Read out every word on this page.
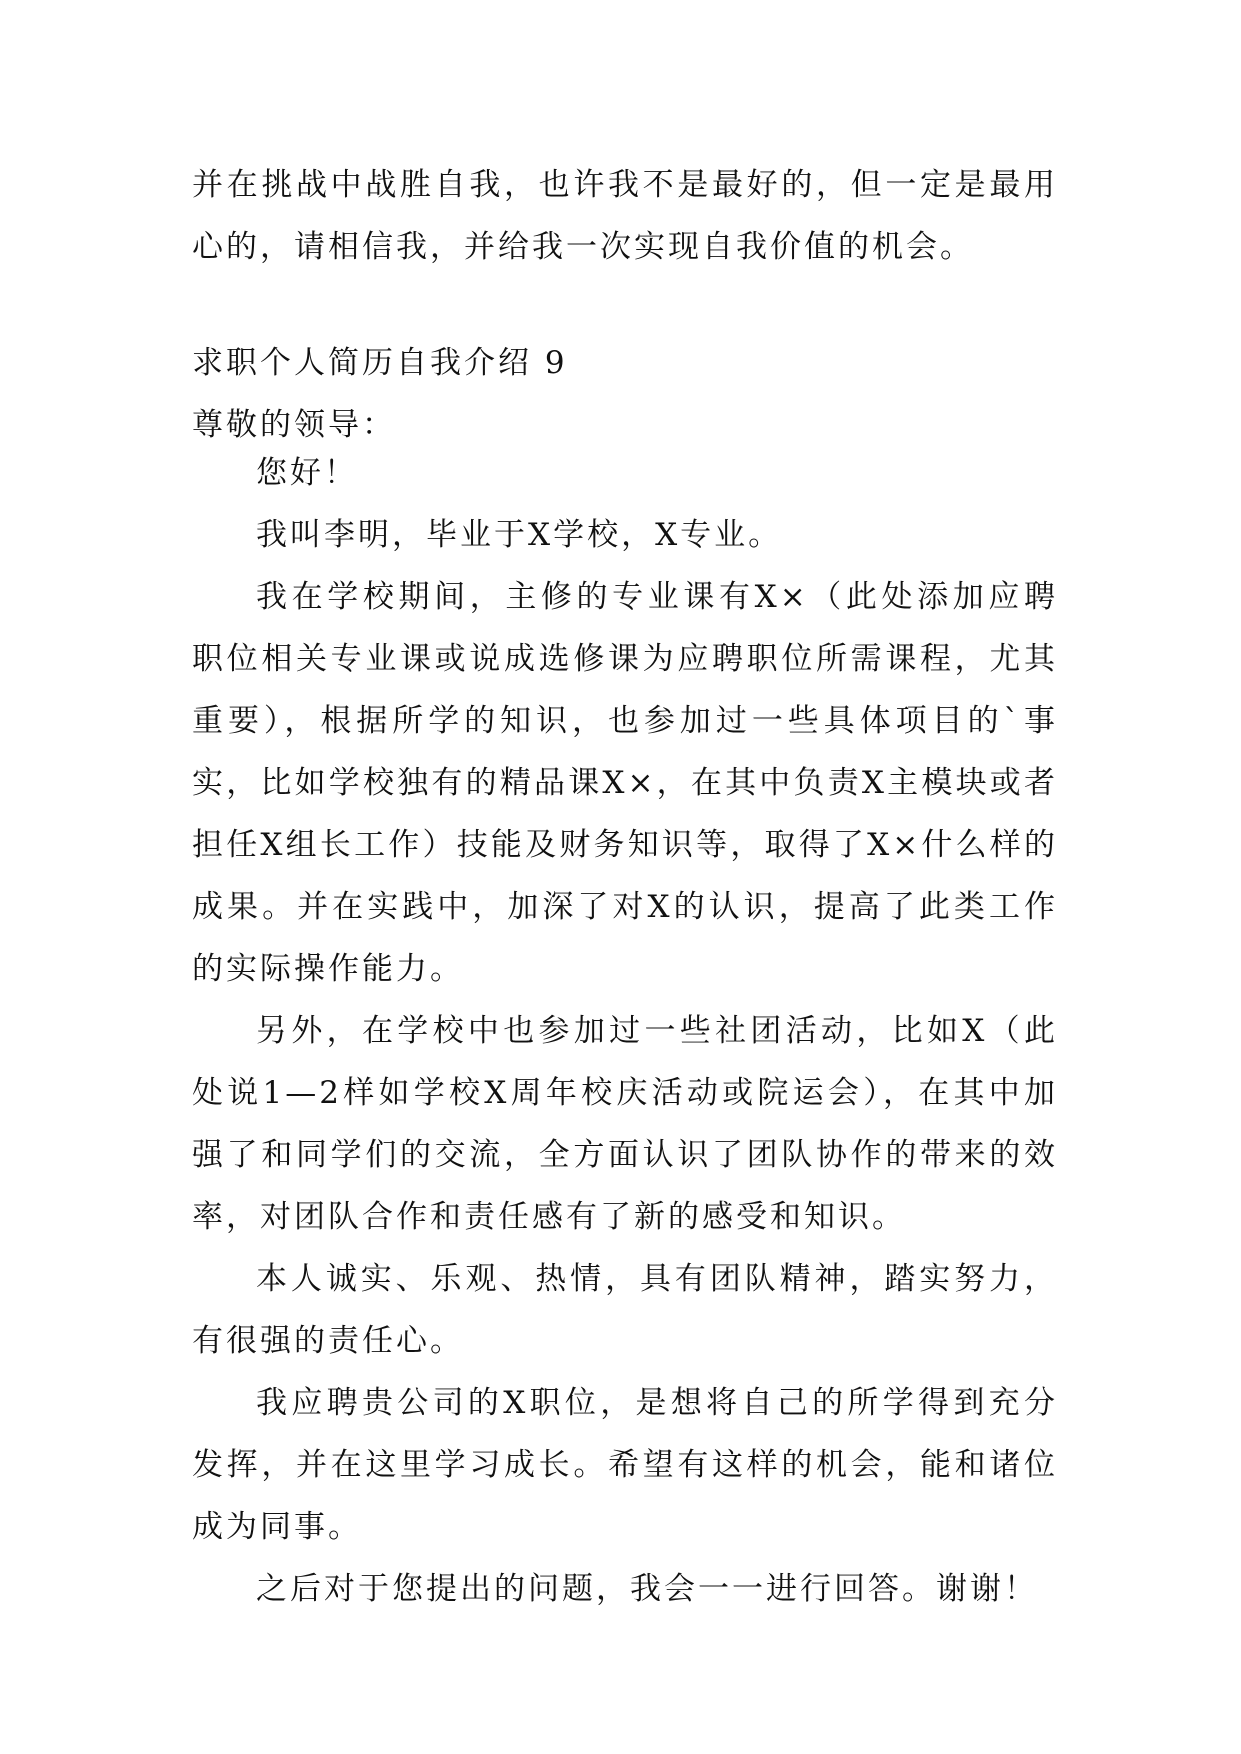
并在挑战中战胜自我，也许我不是最好的，但一定是最用心的，请相信我，并给我一次实现自我价值的机会。

求职个人简历自我介绍 9

尊敬的领导：

您好！

我叫李明，毕业于X学校，X专业。

我在学校期间，主修的专业课有X×（此处添加应聘职位相关专业课或说成选修课为应聘职位所需课程，尤其重要），根据所学的知识，也参加过一些具体项目的`事实，比如学校独有的精品课X×，在其中负责X主模块或者担任X组长工作）技能及财务知识等，取得了X×什么样的成果。并在实践中，加深了对X的认识，提高了此类工作的实际操作能力。

另外，在学校中也参加过一些社团活动，比如X（此处说1—2样如学校X周年校庆活动或院运会），在其中加强了和同学们的交流，全方面认识了团队协作的带来的效率，对团队合作和责任感有了新的感受和知识。

本人诚实、乐观、热情，具有团队精神，踏实努力，有很强的责任心。

我应聘贵公司的X职位，是想将自己的所学得到充分发挥，并在这里学习成长。希望有这样的机会，能和诸位成为同事。

之后对于您提出的问题，我会一一进行回答。谢谢！
